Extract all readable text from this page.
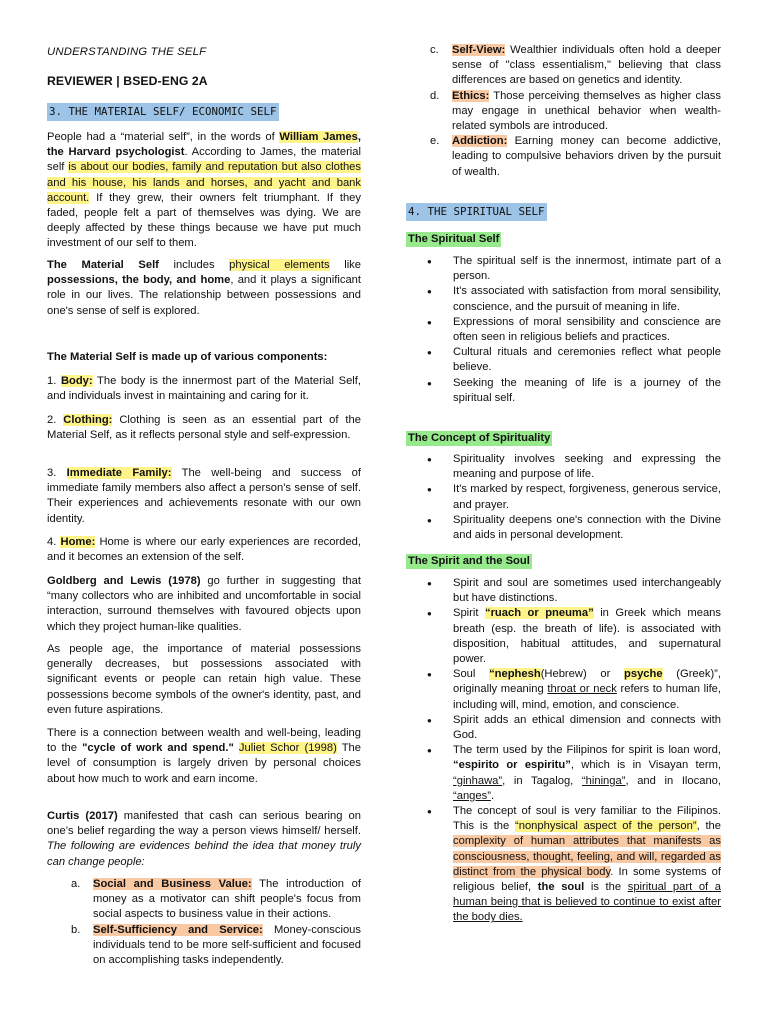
UNDERSTANDING THE SELF
REVIEWER | BSED-ENG 2A
3. THE MATERIAL SELF/ ECONOMIC SELF

People had a “material self”, in the words of William James, the Harvard psychologist. According to James, the material self is about our bodies, family and reputation but also clothes and his house, his lands and horses, and yacht and bank account. If they grew, their owners felt triumphant. If they faded, people felt a part of themselves was dying. We are deeply affected by these things because we have put much investment of our self to them.

The Material Self includes physical elements like possessions, the body, and home, and it plays a significant role in our lives. The relationship between possessions and one's sense of self is explored.

The Material Self is made up of various components:

1. Body: The body is the innermost part of the Material Self, and individuals invest in maintaining and caring for it.

2. Clothing: Clothing is seen as an essential part of the Material Self, as it reflects personal style and self-expression.

3. Immediate Family: The well-being and success of immediate family members also affect a person's sense of self. Their experiences and achievements resonate with our own identity.

4. Home: Home is where our early experiences are recorded, and it becomes an extension of the self.

Goldberg and Lewis (1978) go further in suggesting that “many collectors who are inhibited and uncomfortable in social interaction, surround themselves with favoured objects upon which they project human-like qualities.

As people age, the importance of material possessions generally decreases, but possessions associated with significant events or people can retain high value. These possessions become symbols of the owner's identity, past, and even future aspirations.

There is a connection between wealth and well-being, leading to the "cycle of work and spend." Juliet Schor (1998) The level of consumption is largely driven by personal choices about how much to work and earn income.

Curtis (2017) manifested that cash can serious bearing on one’s belief regarding the way a person views himself/ herself. The following are evidences behind the idea that money truly can change people:

a. Social and Business Value: The introduction of money as a motivator can shift people's focus from social aspects to business value in their actions.
b. Self-Sufficiency and Service: Money-conscious individuals tend to be more self-sufficient and focused on accomplishing tasks independently.
c. Self-View: Wealthier individuals often hold a deeper sense of "class essentialism," believing that class differences are based on genetics and identity.
d. Ethics: Those perceiving themselves as higher class may engage in unethical behavior when wealth-related symbols are introduced.
e. Addiction: Earning money can become addictive, leading to compulsive behaviors driven by the pursuit of wealth.
4. THE SPIRITUAL SELF
The Spiritual Self
● The spiritual self is the innermost, intimate part of a person.
● It's associated with satisfaction from moral sensibility, conscience, and the pursuit of meaning in life.
● Expressions of moral sensibility and conscience are often seen in religious beliefs and practices.
● Cultural rituals and ceremonies reflect what people believe.
● Seeking the meaning of life is a journey of the spiritual self.
The Concept of Spirituality
● Spirituality involves seeking and expressing the meaning and purpose of life.
● It's marked by respect, forgiveness, generous service, and prayer.
● Spirituality deepens one's connection with the Divine and aids in personal development.
The Spirit and the Soul
● Spirit and soul are sometimes used interchangeably but have distinctions.
● Spirit “ruach or pneuma” in Greek which means breath (esp. the breath of life). is associated with disposition, habitual attitudes, and supernatural power.
● Soul “nephesh(Hebrew) or psyche (Greek)”, originally meaning throat or neck refers to human life, including will, mind, emotion, and conscience.
● Spirit adds an ethical dimension and connects with God.
● The term used by the Filipinos for spirit is loan word, “espirito or espiritu”, which is in Visayan term, “ginhawa”, in Tagalog, “hininga”, and in Ilocano, “anges”.
● The concept of soul is very familiar to the Filipinos. This is the “nonphysical aspect of the person”, the complexity of human attributes that manifests as consciousness, thought, feeling, and will, regarded as distinct from the physical body. In some systems of religious belief, the soul is the spiritual part of a human being that is believed to continue to exist after the body dies.
